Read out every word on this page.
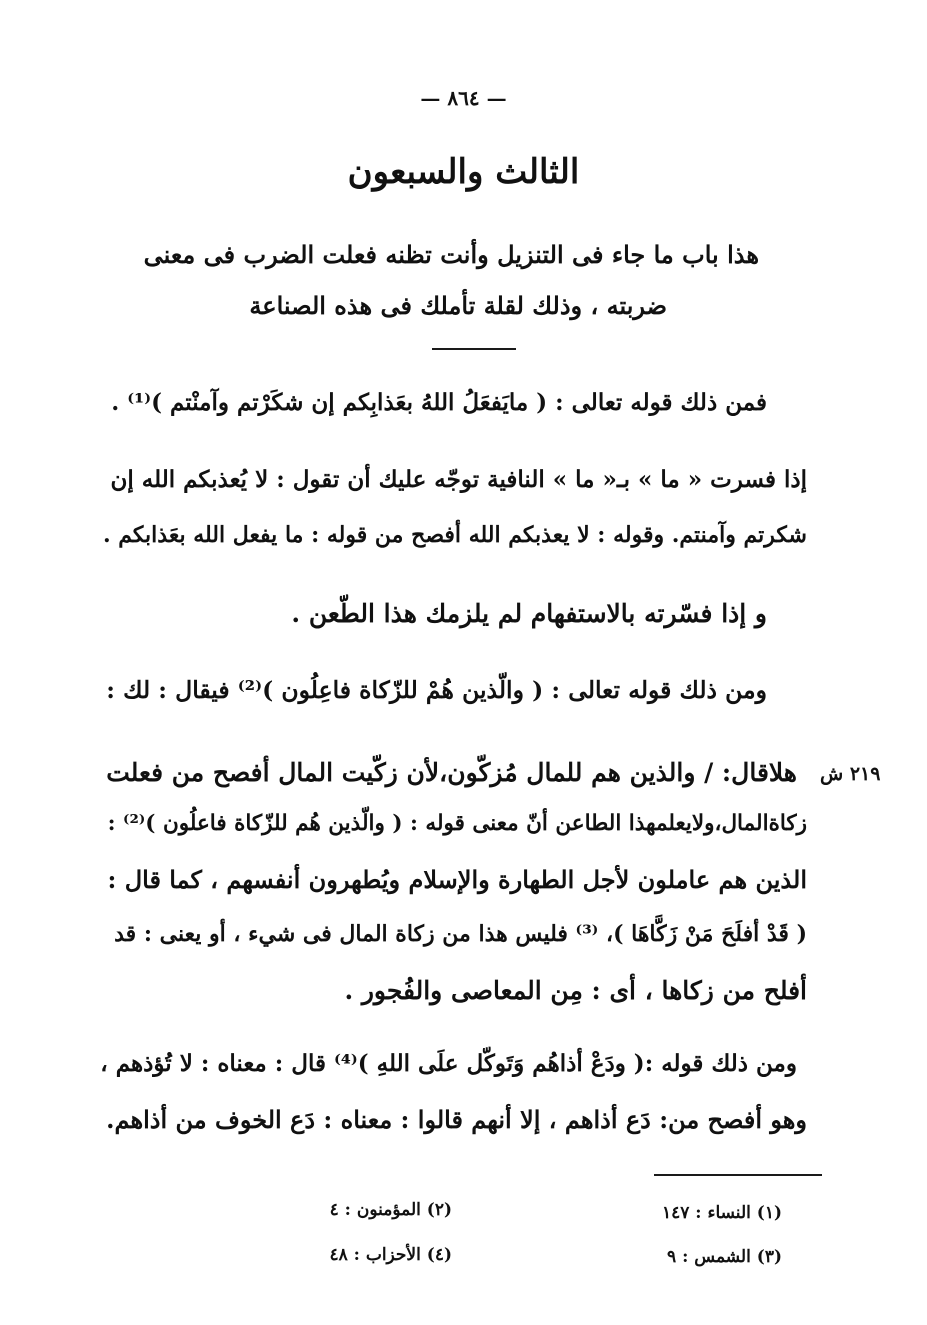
— ٨٦٤ —
الثالث والسبعون
هذا باب ما جاء فى التنزيل وأنت تظنه فعلت الضرب فى معنى
ضربته ، وذلك لقلة تأملك فى هذه الصناعة
فمن ذلك قوله تعالى : ( مايَفعَلُ اللهُ بعَذابِكم إن شكَرْتم وآمنْتم )⁽¹⁾ .
إذا فسرت « ما » بـ« ما » النافية توجّه عليك أن تقول : لا يُعذبكم الله إن
شكرتم وآمنتم. وقوله : لا يعذبكم الله أفصح من قوله : ما يفعل الله بعَذابكم .
و إذا فسّرته بالاستفهام لم يلزمك هذا الطّعن .
ومن ذلك قوله تعالى : ( والّذين هُمْ للزّكاة فاعِلُون )⁽²⁾ فيقال : لك :
٢١٩ ش
هلاقال: / والذين هم للمال مُزكّون،لأن زكّيت المال أفصح من فعلت
زكاةالمال،ولايعلمهذا الطاعن أنّ معنى قوله : ( والّذين هُم للزّكاة فاعلُون )⁽²⁾ :
الذين هم عاملون لأجل الطهارة والإسلام ويُطهرون أنفسهم ، كما قال :
( قَدْ أفلَحَ مَنْ زَكَّاهَا )، ⁽³⁾ فليس هذا من زكاة المال فى شيء ، أو يعنى : قد
أفلح من زكاها ، أى : مِن المعاصى والفُجور .
ومن ذلك قوله :( ودَعْ أذاهُم وَتَوكّل علَى اللهِ )⁽⁴⁾ قال : معناه : لا تُؤذهم ،
وهو أفصح من: دَع أذاهم ، إلا أنهم قالوا : معناه : دَع الخوف من أذاهم.
(١) النساء : ١٤٧
(٢) المؤمنون : ٤
(٣) الشمس : ٩
(٤) الأحزاب : ٤٨
